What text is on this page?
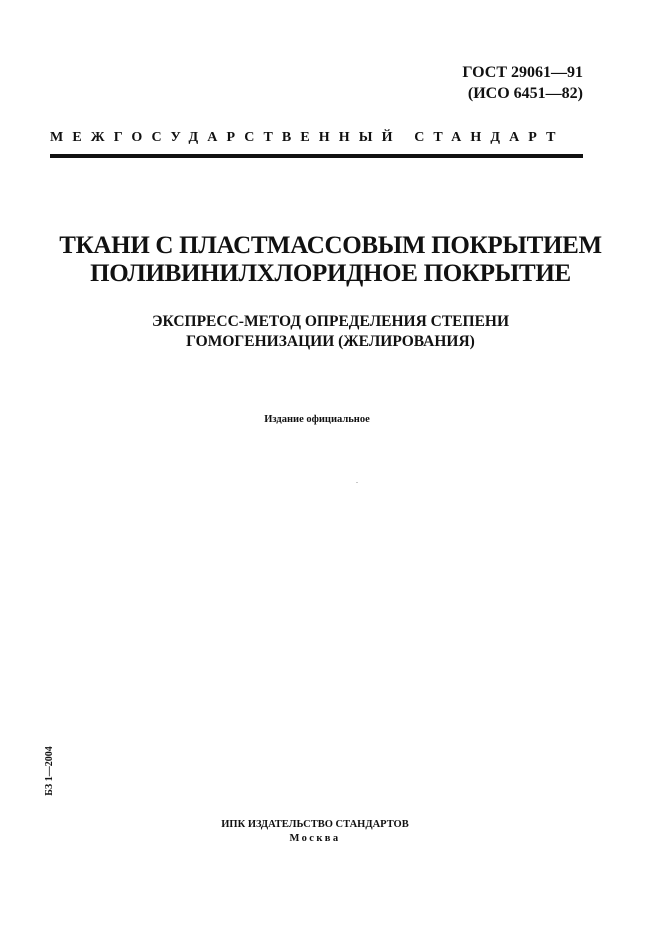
ГОСТ 29061—91
(ИСО 6451—82)
МЕЖГОСУДАРСТВЕННЫЙ СТАНДАРТ
ТКАНИ С ПЛАСТМАССОВЫМ ПОКРЫТИЕМ
ПОЛИВИНИЛХЛОРИДНОЕ ПОКРЫТИЕ
ЭКСПРЕСС-МЕТОД ОПРЕДЕЛЕНИЯ СТЕПЕНИ
ГОМОГЕНИЗАЦИИ (ЖЕЛИРОВАНИЯ)
Издание официальное
БЗ 1—2004
ИПК ИЗДАТЕЛЬСТВО СТАНДАРТОВ
Москва
